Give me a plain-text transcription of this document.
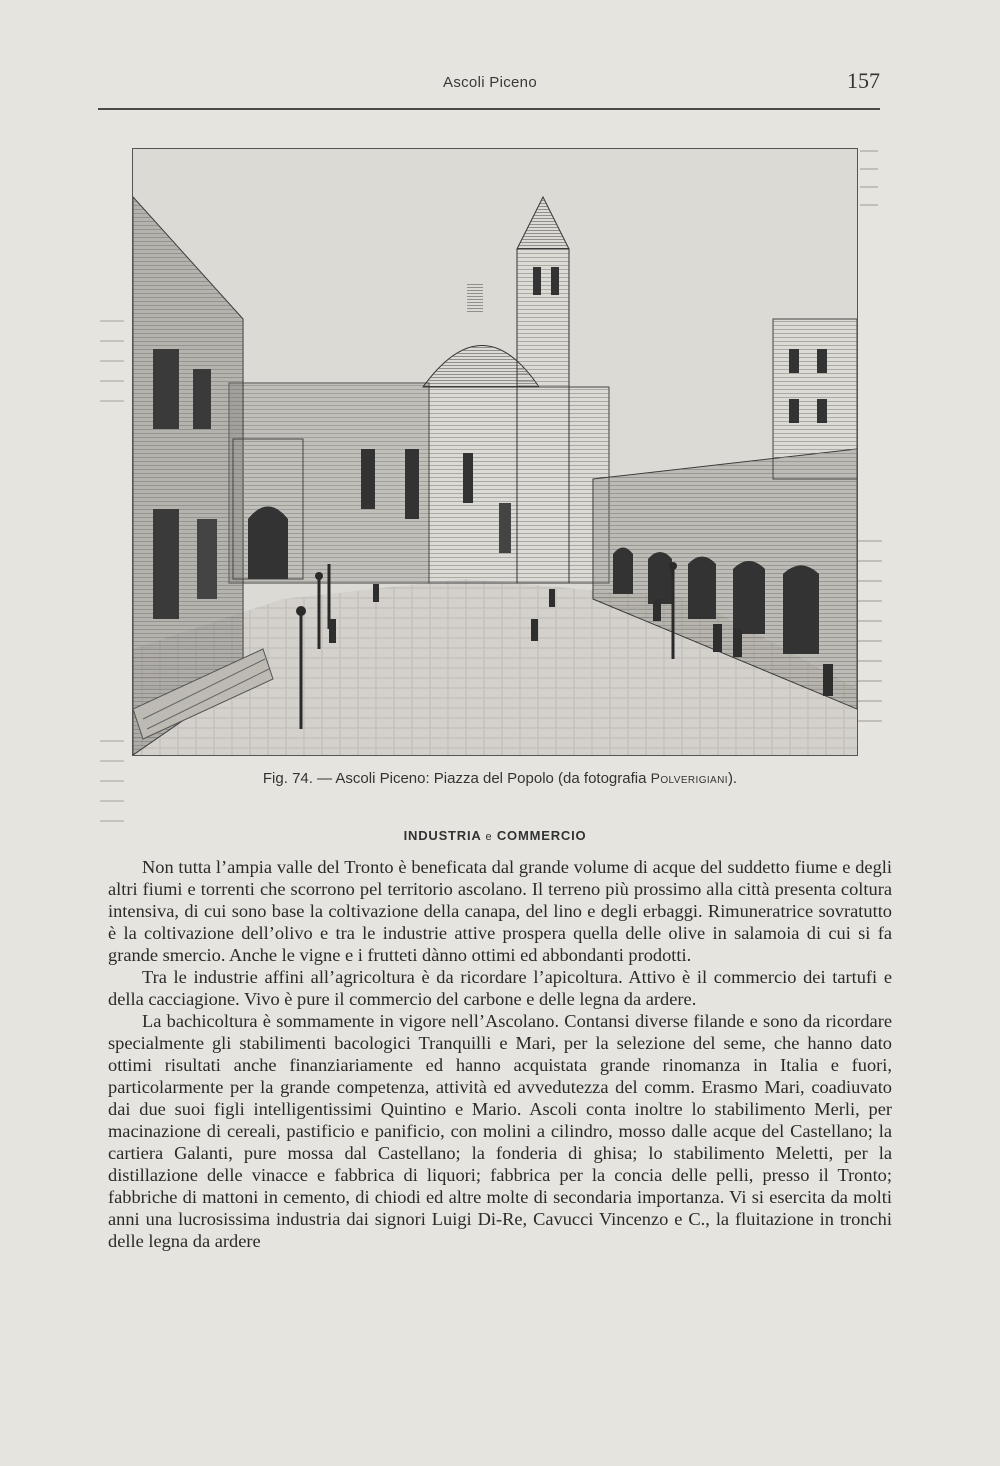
Ascoli Piceno	157
Fig. 74. — Ascoli Piceno: Piazza del Popolo (da fotografia Polverigiani).
INDUSTRIA e COMMERCIO

Non tutta l’ampia valle del Tronto è beneficata dal grande volume di acque del suddetto fiume e degli altri fiumi e torrenti che scorrono pel territorio ascolano. Il terreno più prossimo alla città presenta coltura intensiva, di cui sono base la coltivazione della canapa, del lino e degli erbaggi. Rimuneratrice sovratutto è la coltivazione dell’olivo e tra le industrie attive prospera quella delle olive in salamoia di cui si fa grande smercio. Anche le vigne e i frutteti dànno ottimi ed abbondanti prodotti.

Tra le industrie affini all’agricoltura è da ricordare l’apicoltura. Attivo è il commercio dei tartufi e della cacciagione. Vivo è pure il commercio del carbone e delle legna da ardere.

La bachicoltura è sommamente in vigore nell’Ascolano. Contansi diverse filande e sono da ricordare specialmente gli stabilimenti bacologici Tranquilli e Mari, per la selezione del seme, che hanno dato ottimi risultati anche finanziariamente ed hanno acquistata grande rinomanza in Italia e fuori, particolarmente per la grande competenza, attività ed avvedutezza del comm. Erasmo Mari, coadiuvato dai due suoi figli intelligentissimi Quintino e Mario. Ascoli conta inoltre lo stabilimento Merli, per macinazione di cereali, pastificio e panificio, con molini a cilindro, mosso dalle acque del Castellano; la cartiera Galanti, pure mossa dal Castellano; la fonderia di ghisa; lo stabilimento Meletti, per la distillazione delle vinacce e fabbrica di liquori; fabbrica per la concia delle pelli, presso il Tronto; fabbriche di mattoni in cemento, di chiodi ed altre molte di secondaria importanza. Vi si esercita da molti anni una lucrosissima industria dai signori Luigi Di-Re, Cavucci Vincenzo e C., la fluitazione in tronchi delle legna da ardere
